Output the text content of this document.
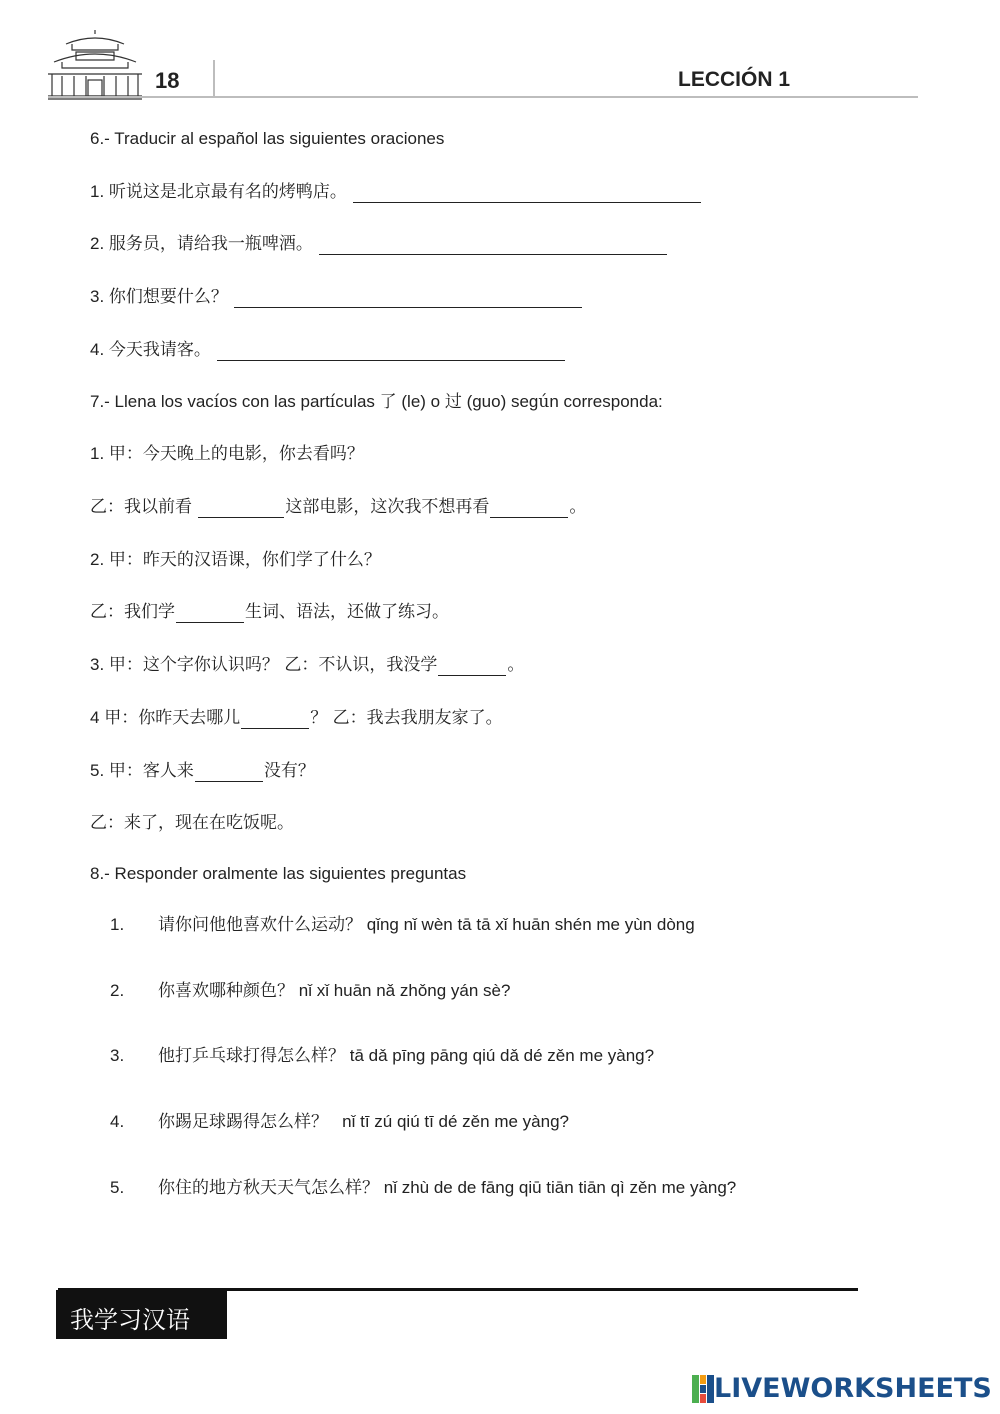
18	LECCIÓN 1
6.- Traducir al español las siguientes oraciones
1. 听说这是北京最有名的烤鸭店。
2. 服务员，请给我一瓶啤酒。
3. 你们想要什么？
4. 今天我请客。
7.- Llena los vacíos con las partículas 了 (le) o 过 (guo) según corresponda:
1. 甲：今天晚上的电影，你去看吗？
乙：我以前看	这部电影，这次我不想再看	。
2. 甲：昨天的汉语课，你们学了什么？
乙：我们学	生词、语法，还做了练习。
3. 甲：这个字你认识吗？ 乙：不认识，我没学	。
4 甲：你昨天去哪儿	？ 乙：我去我朋友家了。
5. 甲：客人来	没有？
乙：来了，现在在吃饭呢。
8.- Responder oralmente las siguientes preguntas
1. 请你问他他喜欢什么运动？ qǐng nǐ wèn tā tā xǐ huān shén me yùn dòng
2. 你喜欢哪种颜色？ nǐ xǐ huān nǎ zhǒng yán sè?
3. 他打乒乓球打得怎么样？ tā dǎ pīng pāng qiú dǎ dé zěn me yàng?
4. 你踢足球踢得怎么样？ nǐ tī zú qiú tī dé zěn me yàng?
5. 你住的地方秋天天气怎么样？ nǐ zhù de de fāng qiū tiān tiān qì zěn me yàng?
我学习汉语
LIVEWORKSHEETS
